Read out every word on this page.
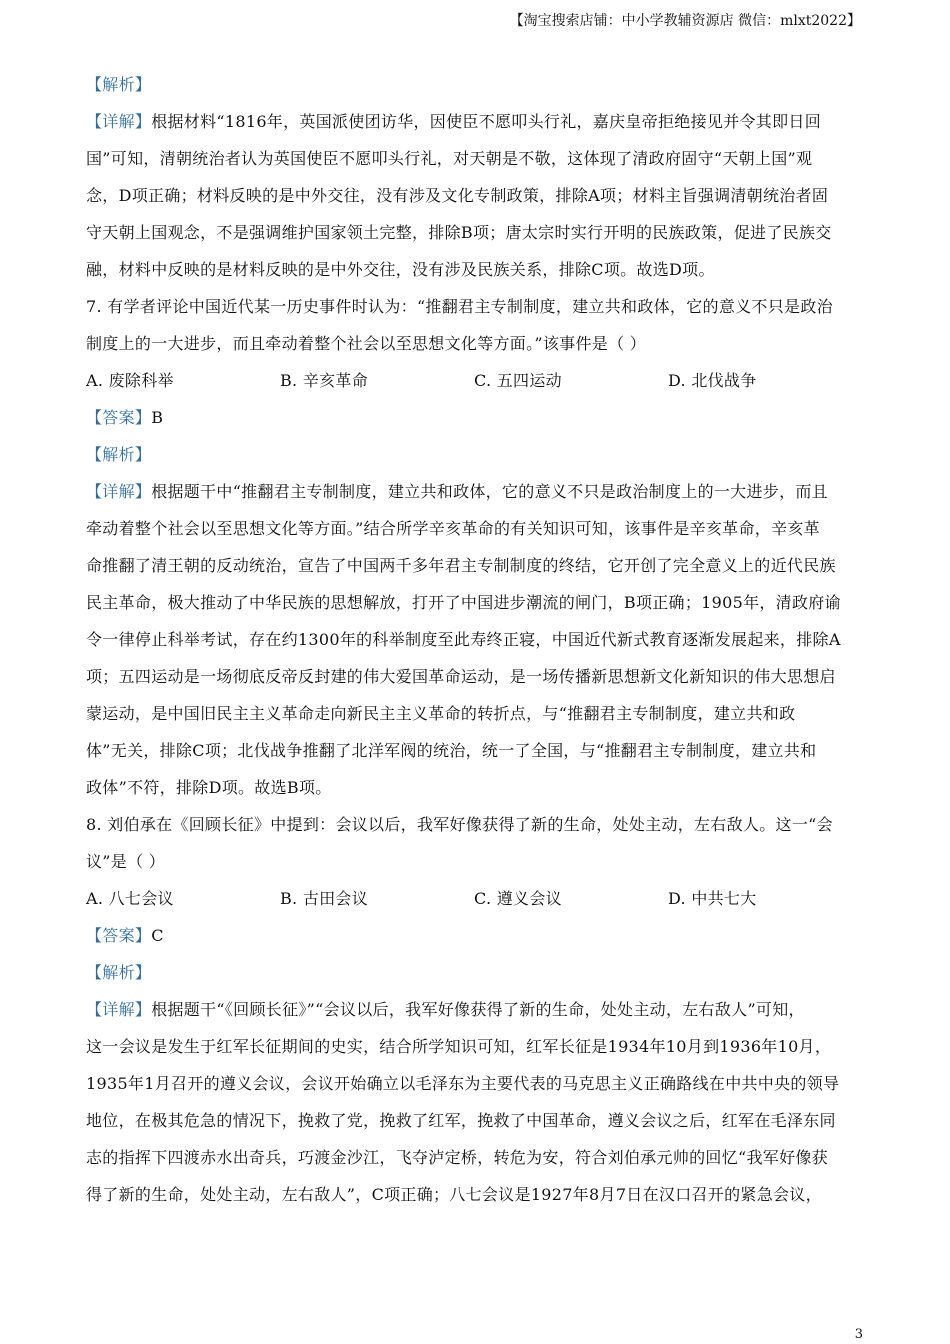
【淘宝搜索店铺：中小学教辅资源店 微信：mlxt2022】
【解析】
【详解】根据材料“1816年，英国派使团访华，因使臣不愿叩头行礼，嘉庆皇帝拒绝接见并令其即日回
国”可知，清朝统治者认为英国使臣不愿叩头行礼，对天朝是不敬，这体现了清政府固守“天朝上国”观
念，D项正确；材料反映的是中外交往，没有涉及文化专制政策，排除A项；材料主旨强调清朝统治者固
守天朝上国观念，不是强调维护国家领土完整，排除B项；唐太宗时实行开明的民族政策，促进了民族交
融，材料中反映的是材料反映的是中外交往，没有涉及民族关系，排除C项。故选D项。
7. 有学者评论中国近代某一历史事件时认为：“推翻君主专制制度，建立共和政体，它的意义不只是政治
制度上的一大进步，而且牵动着整个社会以至思想文化等方面。”该事件是（ ）
A. 废除科举	B. 辛亥革命	C. 五四运动	D. 北伐战争
【答案】B
【解析】
【详解】根据题干中“推翻君主专制制度，建立共和政体，它的意义不只是政治制度上的一大进步，而且
牵动着整个社会以至思想文化等方面。”结合所学辛亥革命的有关知识可知，该事件是辛亥革命，辛亥革
命推翻了清王朝的反动统治，宣告了中国两千多年君主专制制度的终结，它开创了完全意义上的近代民族
民主革命，极大推动了中华民族的思想解放，打开了中国进步潮流的闸门，B项正确；1905年，清政府谕
令一律停止科举考试，存在约1300年的科举制度至此寿终正寝，中国近代新式教育逐渐发展起来，排除A
项；五四运动是一场彻底反帝反封建的伟大爱国革命运动，是一场传播新思想新文化新知识的伟大思想启
蒙运动，是中国旧民主主义革命走向新民主主义革命的转折点，与“推翻君主专制制度，建立共和政
体”无关，排除C项；北伐战争推翻了北洋军阀的统治，统一了全国，与“推翻君主专制制度，建立共和
政体”不符，排除D项。故选B项。
8. 刘伯承在《回顾长征》中提到：会议以后，我军好像获得了新的生命，处处主动，左右敌人。这一“会
议”是（ ）
A. 八七会议	B. 古田会议	C. 遵义会议	D. 中共七大
【答案】C
【解析】
【详解】根据题干“《回顾长征》”“会议以后，我军好像获得了新的生命，处处主动，左右敌人”可知，
这一会议是发生于红军长征期间的史实，结合所学知识可知，红军长征是1934年10月到1936年10月，
1935年1月召开的遵义会议，会议开始确立以毛泽东为主要代表的马克思主义正确路线在中共中央的领导
地位，在极其危急的情况下，挽救了党，挽救了红军，挽救了中国革命，遵义会议之后，红军在毛泽东同
志的指挥下四渡赤水出奇兵，巧渡金沙江，飞夺泸定桥，转危为安，符合刘伯承元帅的回忆“我军好像获
得了新的生命，处处主动，左右敌人”，C项正确；八七会议是1927年8月7日在汉口召开的紧急会议，
3
